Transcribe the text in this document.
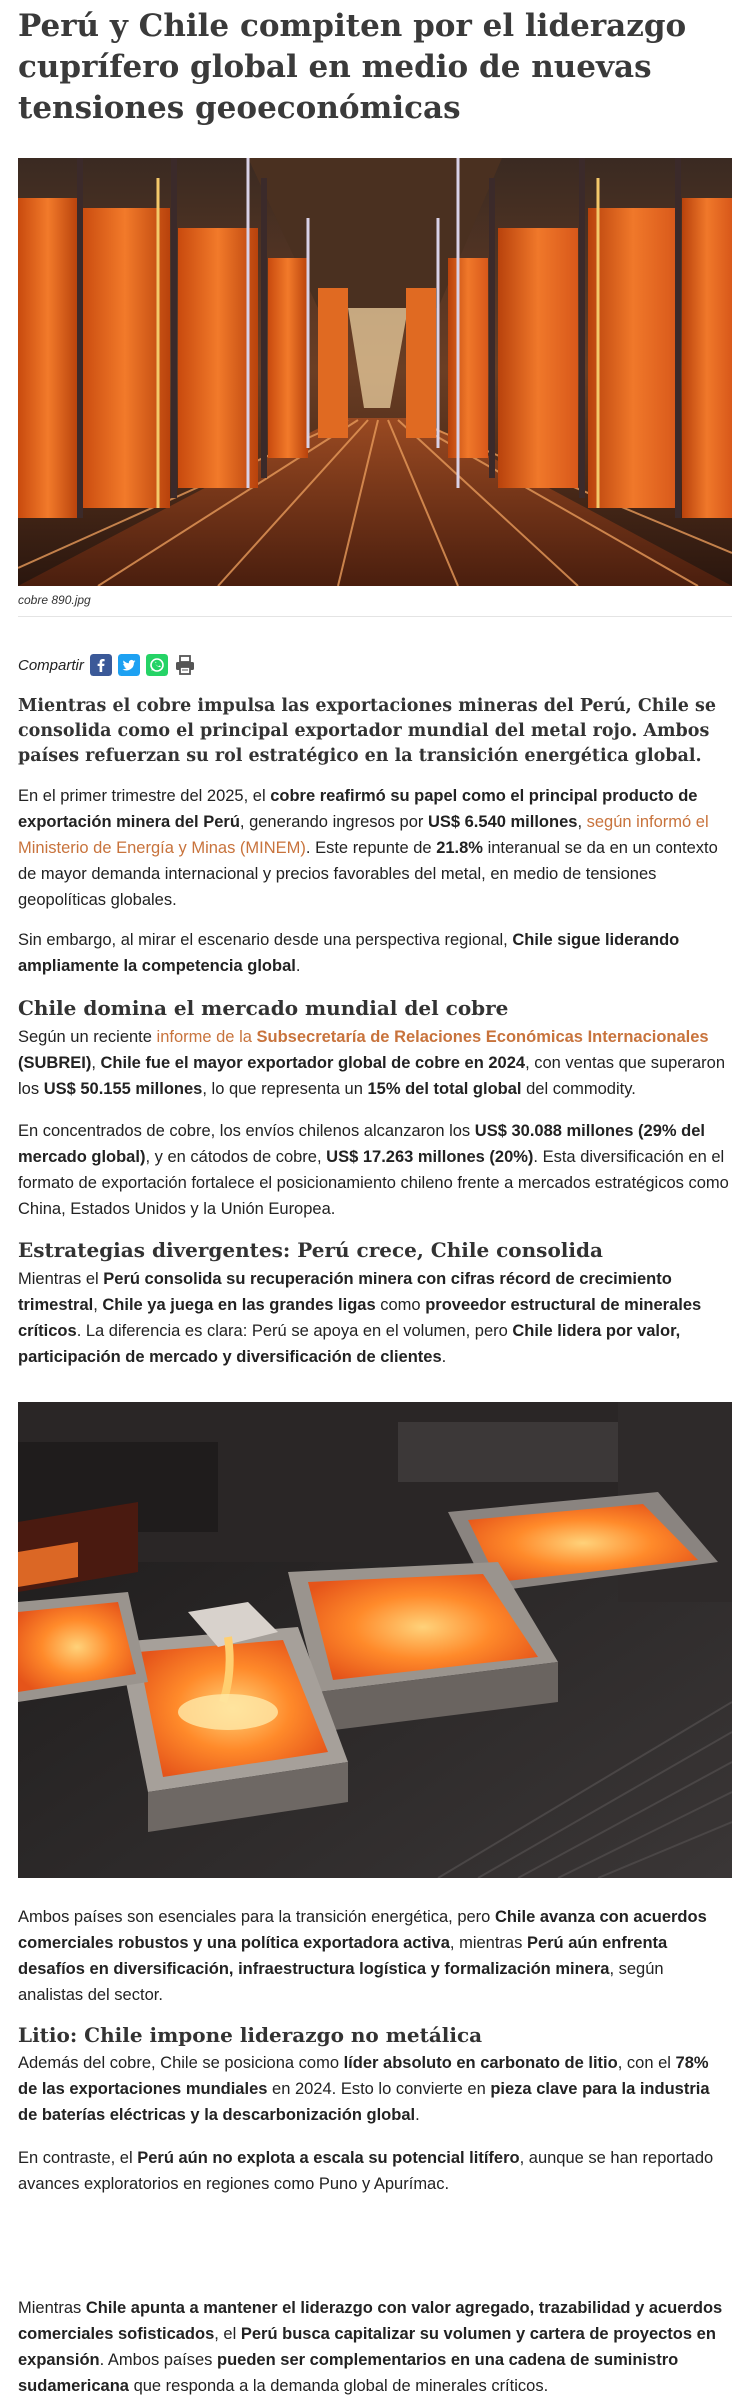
Perú y Chile compiten por el liderazgo cuprífero global en medio de nuevas tensiones geoeconómicas

cobre 890.jpg

Compartir

Mientras el cobre impulsa las exportaciones mineras del Perú, Chile se consolida como el principal exportador mundial del metal rojo. Ambos países refuerzan su rol estratégico en la transición energética global.

En el primer trimestre del 2025, el cobre reafirmó su papel como el principal producto de exportación minera del Perú, generando ingresos por US$ 6.540 millones, según informó el Ministerio de Energía y Minas (MINEM). Este repunte de 21.8% interanual se da en un contexto de mayor demanda internacional y precios favorables del metal, en medio de tensiones geopolíticas globales.

Sin embargo, al mirar el escenario desde una perspectiva regional, Chile sigue liderando ampliamente la competencia global.

Chile domina el mercado mundial del cobre

Según un reciente informe de la Subsecretaría de Relaciones Económicas Internacionales (SUBREI), Chile fue el mayor exportador global de cobre en 2024, con ventas que superaron los US$ 50.155 millones, lo que representa un 15% del total global del commodity.

En concentrados de cobre, los envíos chilenos alcanzaron los US$ 30.088 millones (29% del mercado global), y en cátodos de cobre, US$ 17.263 millones (20%). Esta diversificación en el formato de exportación fortalece el posicionamiento chileno frente a mercados estratégicos como China, Estados Unidos y la Unión Europea.

Estrategias divergentes: Perú crece, Chile consolida

Mientras el Perú consolida su recuperación minera con cifras récord de crecimiento trimestral, Chile ya juega en las grandes ligas como proveedor estructural de minerales críticos. La diferencia es clara: Perú se apoya en el volumen, pero Chile lidera por valor, participación de mercado y diversificación de clientes.

Ambos países son esenciales para la transición energética, pero Chile avanza con acuerdos comerciales robustos y una política exportadora activa, mientras Perú aún enfrenta desafíos en diversificación, infraestructura logística y formalización minera, según analistas del sector.

Litio: Chile impone liderazgo no metálica

Además del cobre, Chile se posiciona como líder absoluto en carbonato de litio, con el 78% de las exportaciones mundiales en 2024. Esto lo convierte en pieza clave para la industria de baterías eléctricas y la descarbonización global.

En contraste, el Perú aún no explota a escala su potencial litífero, aunque se han reportado avances exploratorios en regiones como Puno y Apurímac.

Mientras Chile apunta a mantener el liderazgo con valor agregado, trazabilidad y acuerdos comerciales sofisticados, el Perú busca capitalizar su volumen y cartera de proyectos en expansión. Ambos países pueden ser complementarios en una cadena de suministro sudamericana que responda a la demanda global de minerales críticos.
